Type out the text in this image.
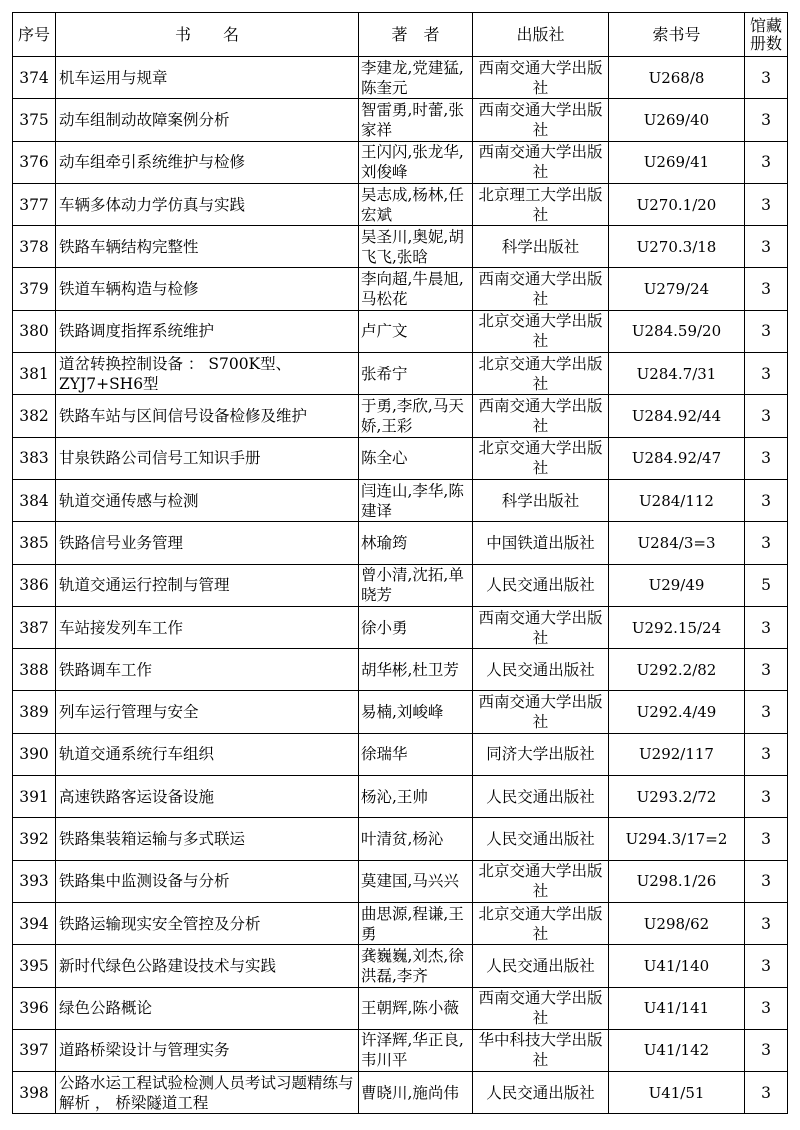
序号	书　　名	著　者	出版社	索书号	馆藏册数

374	机车运用与规章	李建龙,党建猛,陈奎元	西南交通大学出版社	U268/8	3
375	动车组制动故障案例分析	智雷勇,时蕾,张家祥	西南交通大学出版社	U269/40	3
376	动车组牵引系统维护与检修	王闪闪,张龙华,刘俊峰	西南交通大学出版社	U269/41	3
377	车辆多体动力学仿真与实践	吴志成,杨林,任宏斌	北京理工大学出版社	U270.1/20	3
378	铁路车辆结构完整性	吴圣川,奥妮,胡飞飞,张晗	科学出版社	U270.3/18	3
379	铁道车辆构造与检修	李向超,牛晨旭,马松花	西南交通大学出版社	U279/24	3
380	铁路调度指挥系统维护	卢广文	北京交通大学出版社	U284.59/20	3
381	道岔转换控制设备 ： S700K型、ZYJ7+SH6型	张希宁	北京交通大学出版社	U284.7/31	3
382	铁路车站与区间信号设备检修及维护	于勇,李欣,马天娇,王彩	西南交通大学出版社	U284.92/44	3
383	甘泉铁路公司信号工知识手册	陈全心	北京交通大学出版社	U284.92/47	3
384	轨道交通传感与检测	闫连山,李华,陈建译	科学出版社	U284/112	3
385	铁路信号业务管理	林瑜筠	中国铁道出版社	U284/3=3	3
386	轨道交通运行控制与管理	曾小清,沈拓,单晓芳	人民交通出版社	U29/49	5
387	车站接发列车工作	徐小勇	西南交通大学出版社	U292.15/24	3
388	铁路调车工作	胡华彬,杜卫芳	人民交通出版社	U292.2/82	3
389	列车运行管理与安全	易楠,刘峻峰	西南交通大学出版社	U292.4/49	3
390	轨道交通系统行车组织	徐瑞华	同济大学出版社	U292/117	3
391	高速铁路客运设备设施	杨沁,王帅	人民交通出版社	U293.2/72	3
392	铁路集装箱运输与多式联运	叶清贫,杨沁	人民交通出版社	U294.3/17=2	3
393	铁路集中监测设备与分析	莫建国,马兴兴	北京交通大学出版社	U298.1/26	3
394	铁路运输现实安全管控及分析	曲思源,程谦,王勇	北京交通大学出版社	U298/62	3
395	新时代绿色公路建设技术与实践	龚巍巍,刘杰,徐洪磊,李齐	人民交通出版社	U41/140	3
396	绿色公路概论	王朝辉,陈小薇	西南交通大学出版社	U41/141	3
397	道路桥梁设计与管理实务	许泽辉,华正良,韦川平	华中科技大学出版社	U41/142	3
398	公路水运工程试验检测人员考试习题精练与解析 ， 桥梁隧道工程	曹晓川,施尚伟	人民交通出版社	U41/51	3
